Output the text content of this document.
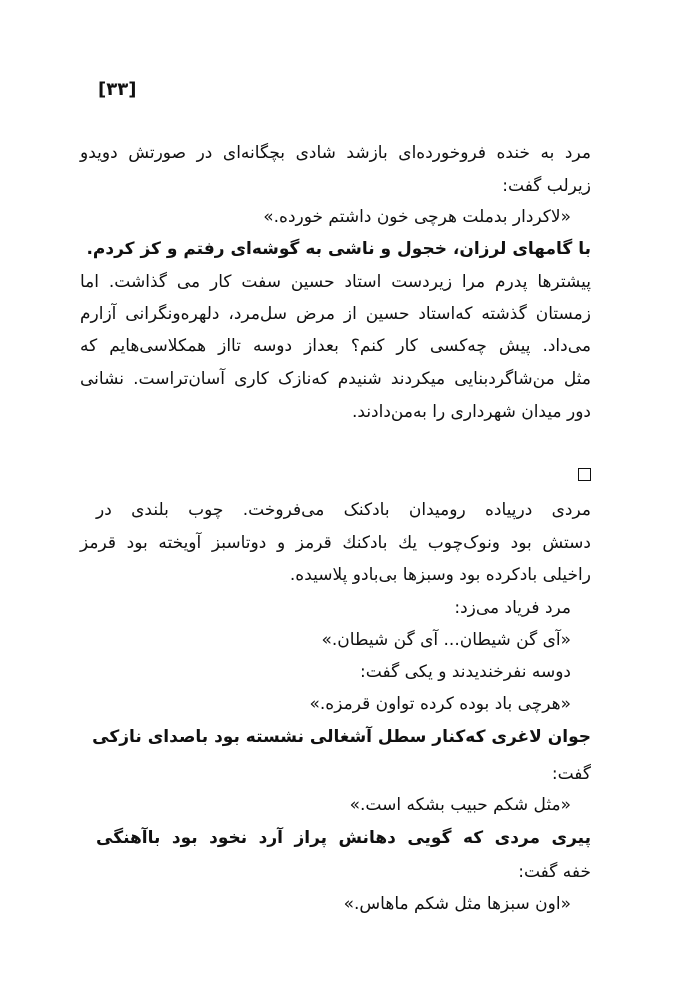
[۳۳]

مرد به خنده فروخورده‌ای بازشد شادی بچگانه‌ای در صورتش دویدو

زیرلب گفت:

«لاکردار بدملت هرچی خون داشتم خورده.»

با گامهای لرزان، خجول و ناشی به گوشه‌ای رفتم و کز کردم.

پیشترها پدرم مرا زیردست استاد حسین سفت کار می گذاشت. اما

زمستان گذشته که‌استاد حسین از مرض سل‌مرد، دلهره‌ونگرانی آزارم

می‌داد. پیش چه‌کسی کار کنم؟ بعداز دوسه تااز همکلاسی‌هایم که

مثل من‌شاگردبنایی میکردند شنیدم که‌نازک کاری آسان‌تراست. نشانی

دور میدان شهرداری را به‌من‌دادند.

مردی درپیاده رومیدان بادکنک می‌فروخت. چوب بلندی در

دستش بود ونوک‌چوب یك بادکنك قرمز و دوتاسبز آویخته بود قرمز

راخیلی بادکرده بود وسبزها بی‌بادو پلاسیده.

مرد فریاد می‌زد:

«آی گن شیطان... آی گن شیطان.»

دوسه نفرخندیدند و یکی گفت:

«هرچی باد بوده کرده تواون قرمزه.»

جوان لاغری که‌کنار سطل آشغالی نشسته بود باصدای نازکی

گفت:

«مثل شکم حبیب بشکه است.»

پیری مردی که گویی دهانش پراز آرد نخود بود باآهنگی

خفه گفت:

«اون سبزها مثل شکم ماهاس.»
